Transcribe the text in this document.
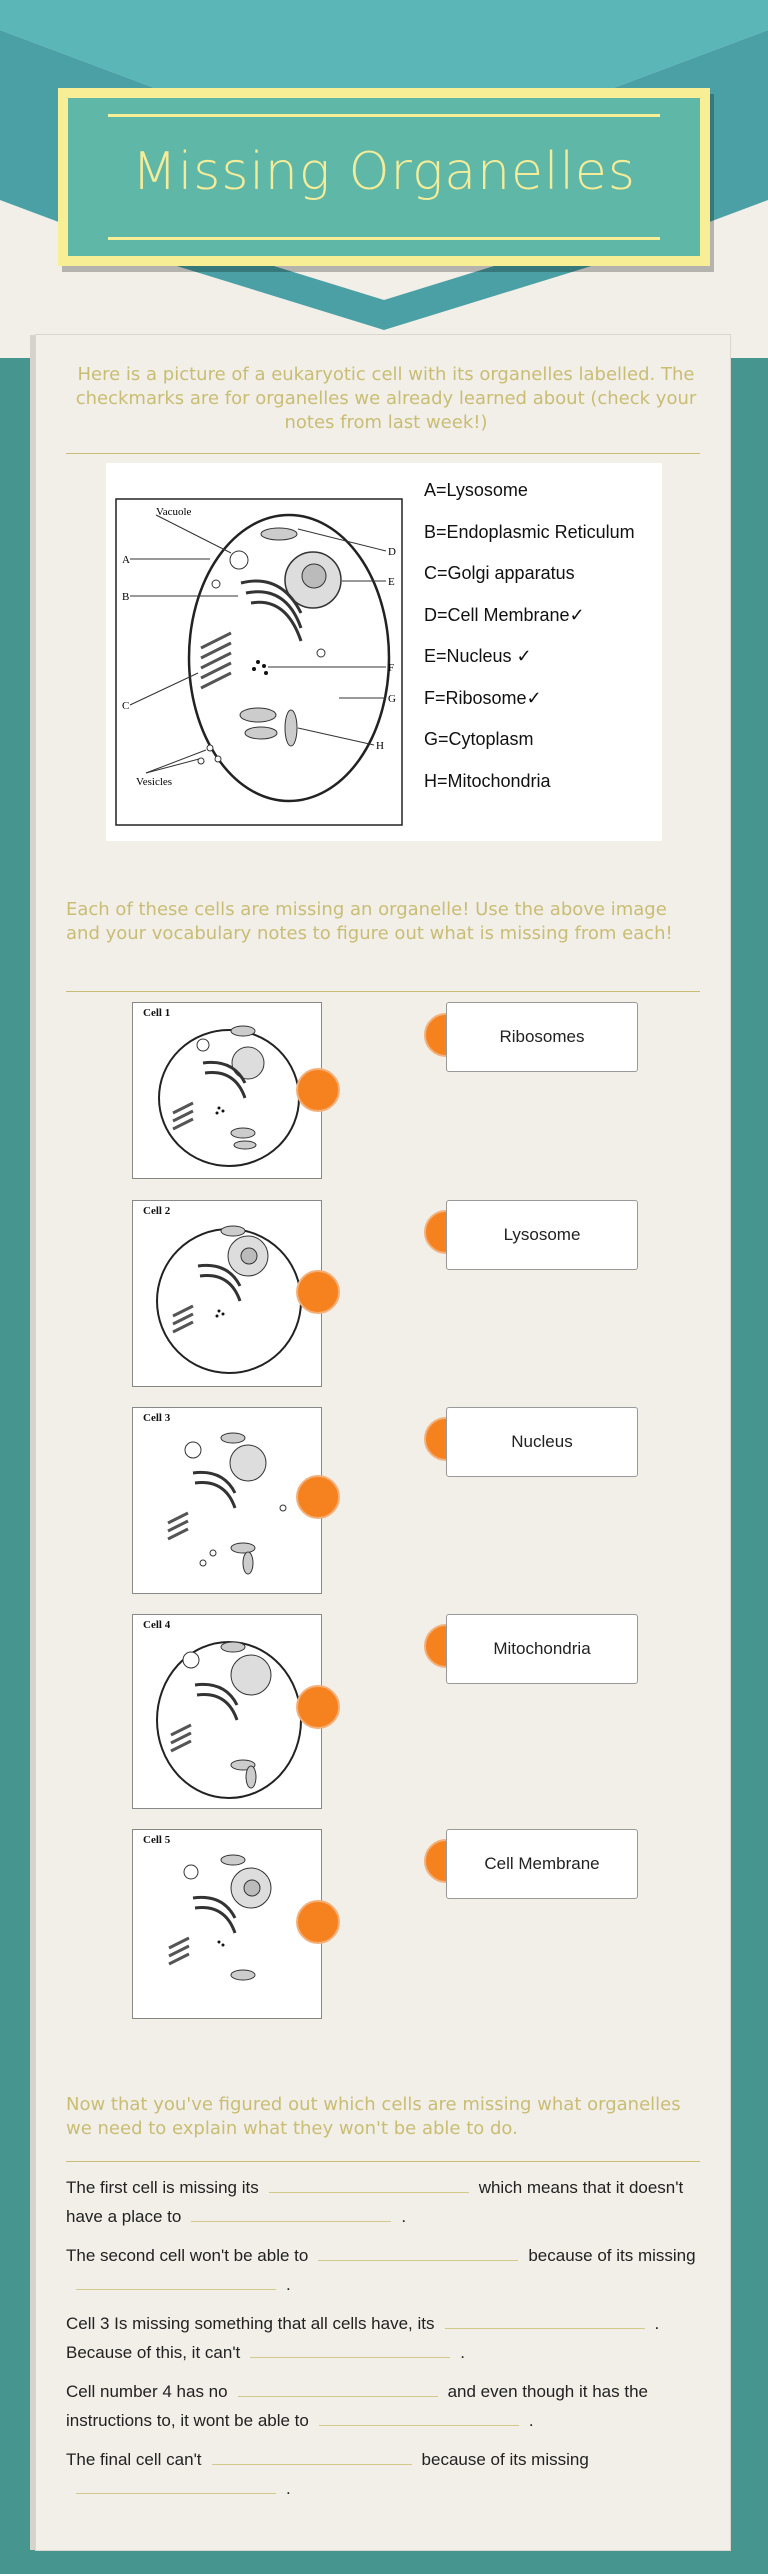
Missing Organelles
Here is a picture of a eukaryotic cell with its organelles labelled. The checkmarks are for organelles we already learned about (check your notes from last week!)
Vacuole
A
B
C
D
E
F
G
H
Vesicles
A=Lysosome
B=Endoplasmic Reticulum
C=Golgi apparatus
D=Cell Membrane✓
E=Nucleus ✓
F=Ribosome✓
G=Cytoplasm
H=Mitochondria
Each of these cells are missing an organelle! Use the above image and your vocabulary notes to figure out what is missing from each!
Cell 1
Ribosomes
Cell 2
Lysosome
Cell 3
Nucleus
Cell 4
Mitochondria
Cell 5
Cell Membrane
Now that you've figured out which cells are missing what organelles we need to explain what they won't be able to do.
The first cell is missing its	which means that it doesn't have a place to	.
The second cell won't be able to	because of its missing.
Cell 3 Is missing something that all cells have, its	. Because of this, it can't	.
Cell number 4 has no	and even though it has the instructions to, it wont be able to	.
The final cell can't	because of its missing.
